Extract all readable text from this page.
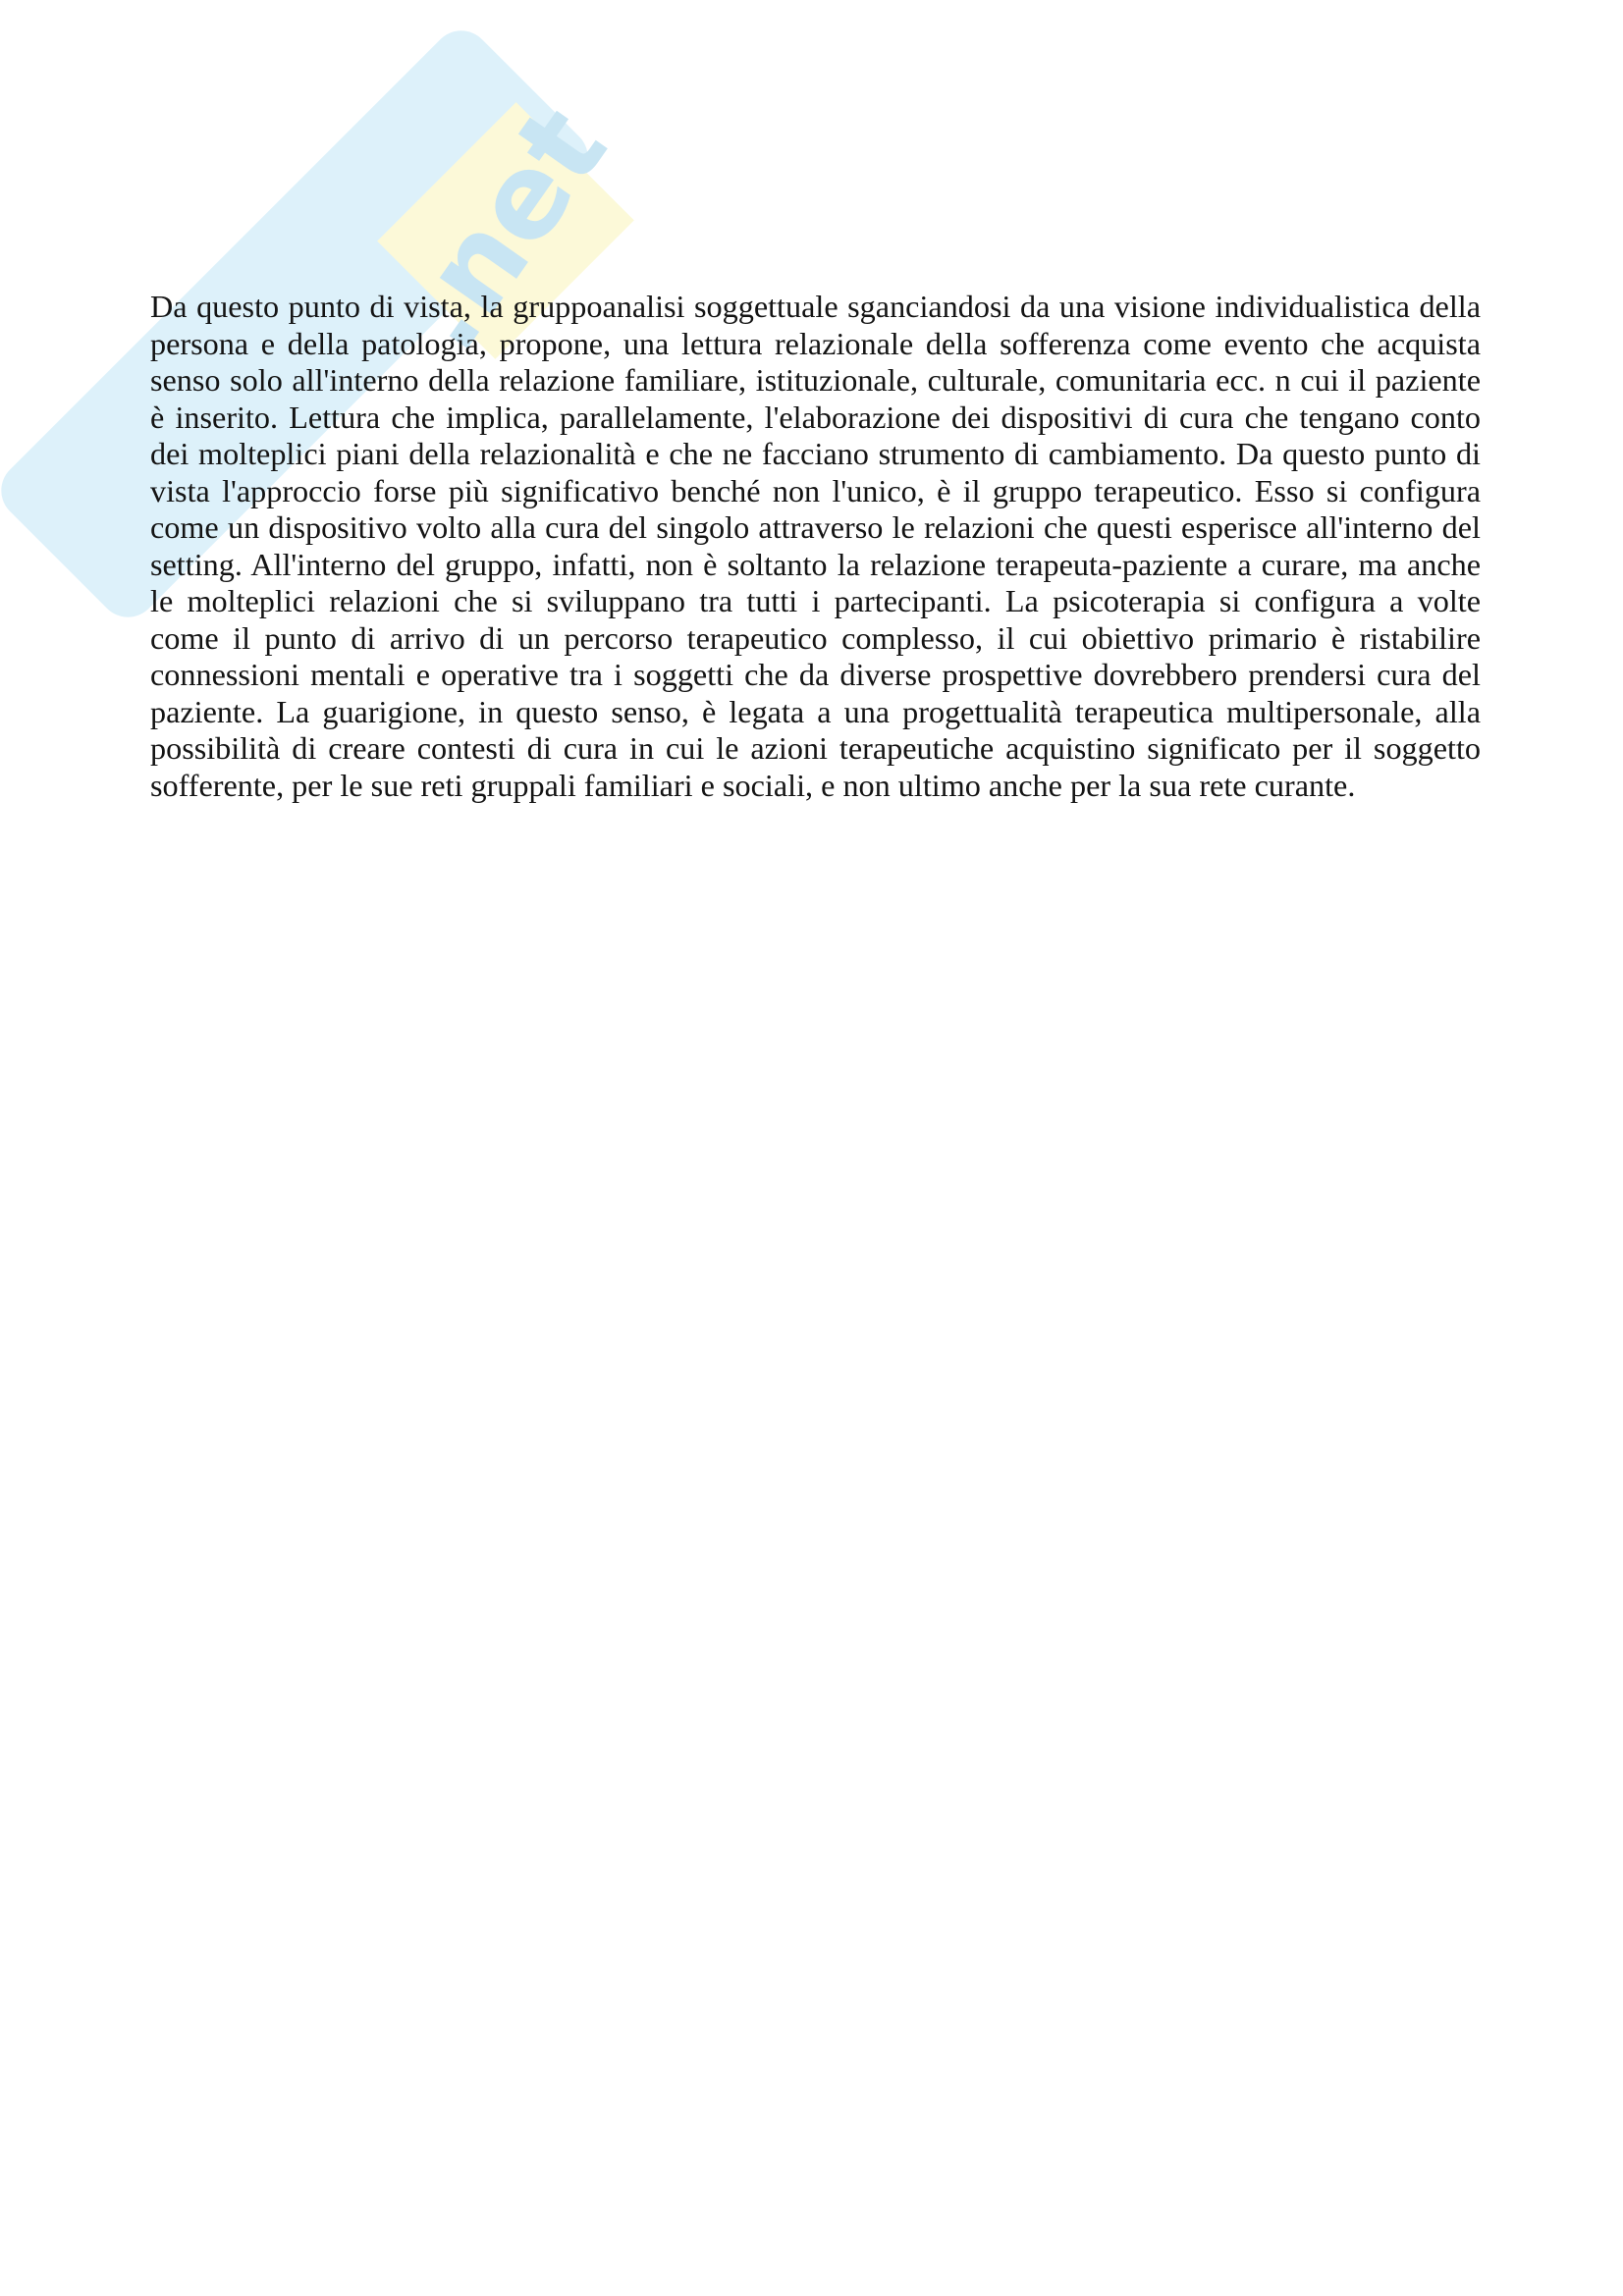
.net
Da questo punto di vista, la gruppoanalisi soggettuale sganciandosi da una visione individualistica della
persona e della patologia, propone, una lettura relazionale della sofferenza come evento che acquista
senso solo all'interno della relazione familiare, istituzionale, culturale, comunitaria ecc. n cui il paziente
è inserito. Lettura che implica, parallelamente, l'elaborazione dei dispositivi di cura che tengano conto
dei molteplici piani della relazionalità e che ne facciano strumento di cambiamento. Da questo punto di
vista l'approccio forse più significativo benché non l'unico, è il gruppo terapeutico. Esso si configura
come un dispositivo volto alla cura del singolo attraverso le relazioni che questi esperisce all'interno del
setting. All'interno del gruppo, infatti, non è soltanto la relazione terapeuta-paziente a curare, ma anche
le molteplici relazioni che si sviluppano tra tutti i partecipanti. La psicoterapia si configura a volte
come il punto di arrivo di un percorso terapeutico complesso, il cui obiettivo primario è ristabilire
connessioni mentali e operative tra i soggetti che da diverse prospettive dovrebbero prendersi cura del
paziente. La guarigione, in questo senso, è legata a una progettualità terapeutica multipersonale, alla
possibilità di creare contesti di cura in cui le azioni terapeutiche acquistino significato per il soggetto
sofferente, per le sue reti gruppali familiari e sociali, e non ultimo anche per la sua rete curante.
